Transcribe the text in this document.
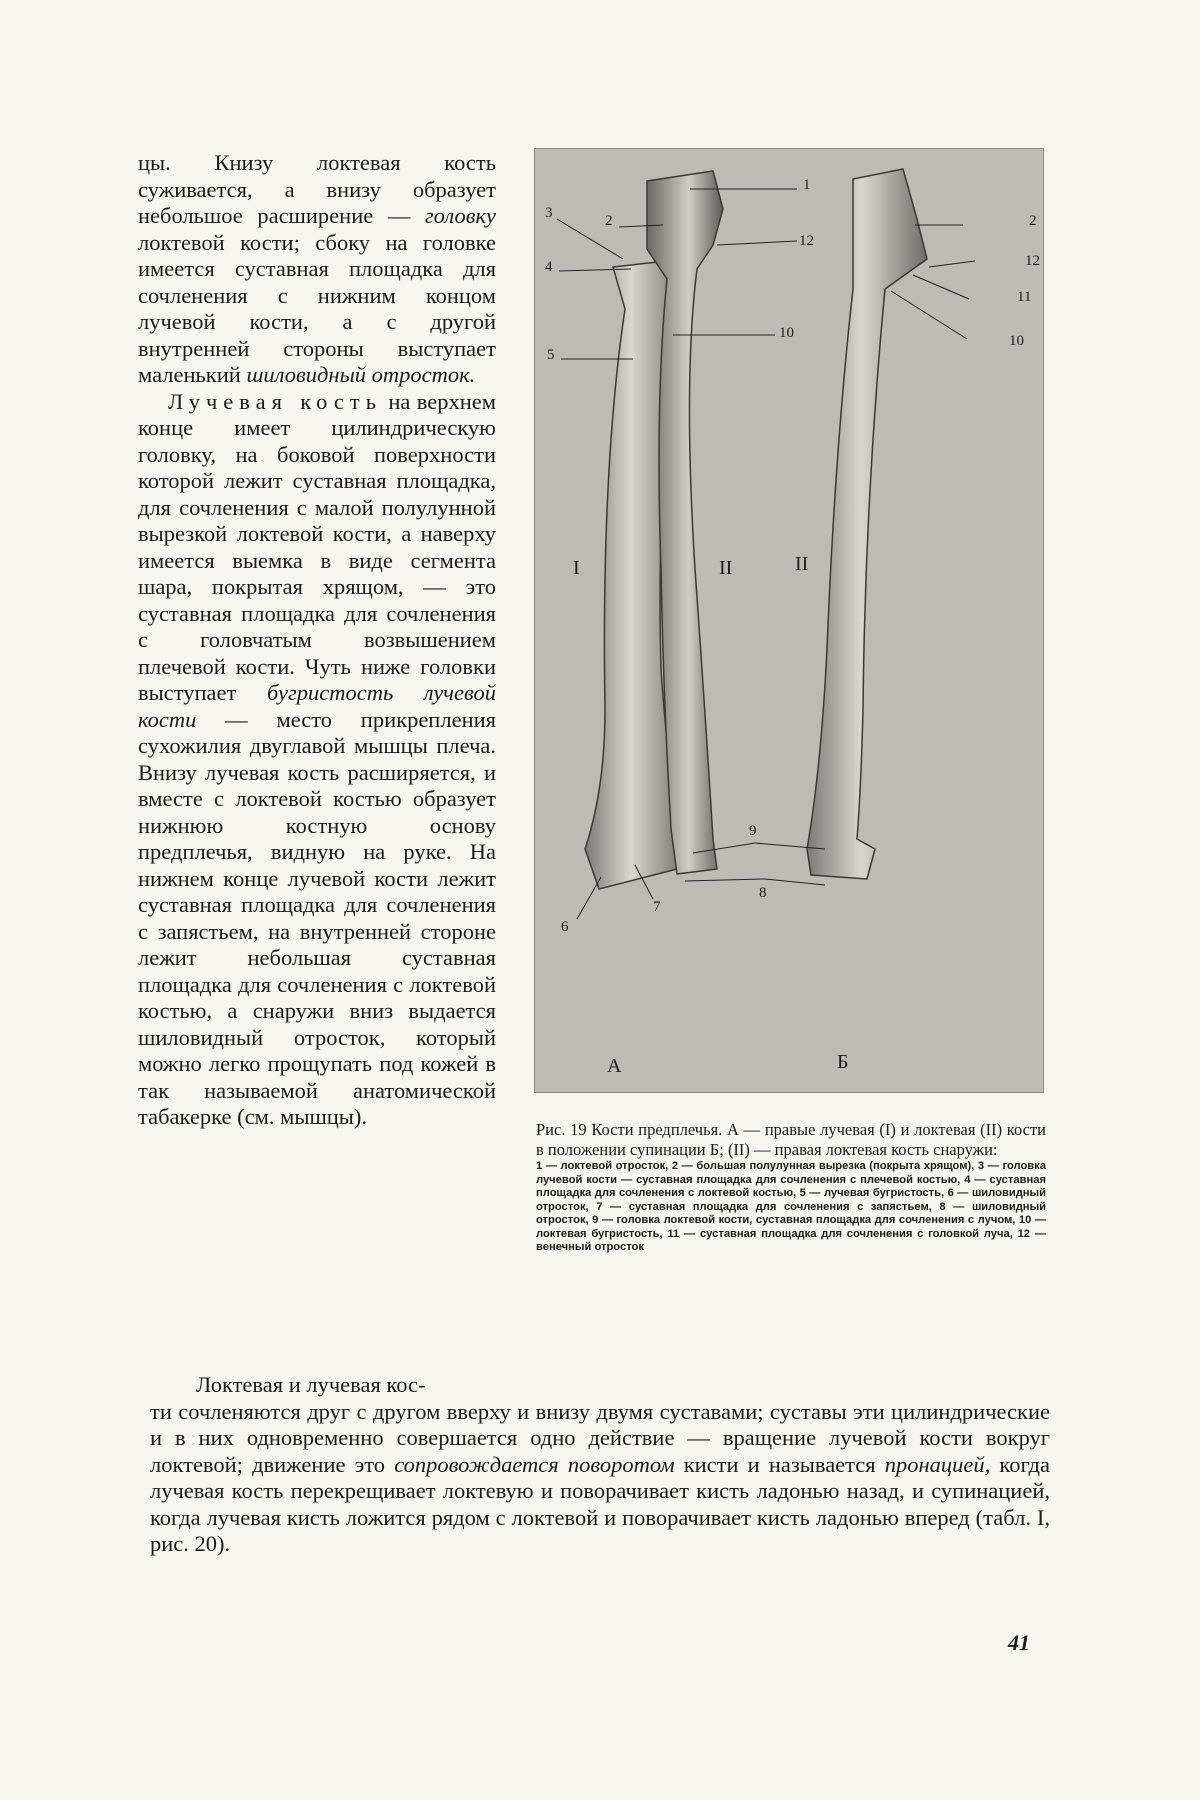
цы. Книзу локтевая кость суживается, а внизу образует небольшое расширение — головку локтевой кости; сбоку на головке имеется суставная площадка для сочленения с нижним концом лучевой кости, а с другой внутренней стороны выступает маленький шиловидный отросток.

Лучевая кость на верхнем конце имеет цилиндрическую головку, на боковой поверхности которой лежит суставная площадка, для сочленения с малой полулунной вырезкой локтевой кости, а наверху имеется выемка в виде сегмента шара, покрытая хрящом, — это суставная площадка для сочленения с головчатым возвышением плечевой кости. Чуть ниже головки выступает бугристость лучевой кости — место прикрепления сухожилия двуглавой мышцы плеча. Внизу лучевая кость расширяется, и вместе с локтевой костью образует нижнюю костную основу предплечья, видную на руке. На нижнем конце лучевой кости лежит суставная площадка для сочленения с запястьем, на внутренней стороне лежит небольшая суставная площадка для сочленения с локтевой костью, а снаружи вниз выдается шиловидный отросток, который можно легко прощупать под кожей в так называемой анатомической табакерке (см. мышцы).

1
2	2
3
4
5
6
7
8
9
10	10
11
12
12
I	II	II
А	Б
Рис. 19 Кости предплечья. А — правые лучевая (I) и локтевая (II) кости в положении супинации Б; (II) — правая локтевая кость снаружи:
1 — локтевой отросток, 2 — большая полулунная вырезка (покрыта хрящом), 3 — головка лучевой кости — суставная площадка для сочленения с плечевой костью, 4 — суставная площадка для сочленения с локтевой костью, 5 — лучевая бугристость, 6 — шиловидный отросток, 7 — суставная площадка для сочленения с запястьем, 8 — шиловидный отросток, 9 — головка локтевой кости, суставная площадка для сочленения с лучом, 10 — локтевая бугристость, 11 — суставная площадка для сочленения с головкой луча, 12 — венечный отросток
Локтевая и лучевая кос-

ти сочленяются друг с другом вверху и внизу двумя суставами; суставы эти цилиндрические и в них одновременно совершается одно действие — вращение лучевой кости вокруг локтевой; движение это сопровождается поворотом кисти и называется пронацией, когда лучевая кость перекрещивает локтевую и поворачивает кисть ладонью назад, и супинацией, когда лучевая кисть ложится рядом с локтевой и поворачивает кисть ладонью вперед (табл. I, рис. 20).

41
